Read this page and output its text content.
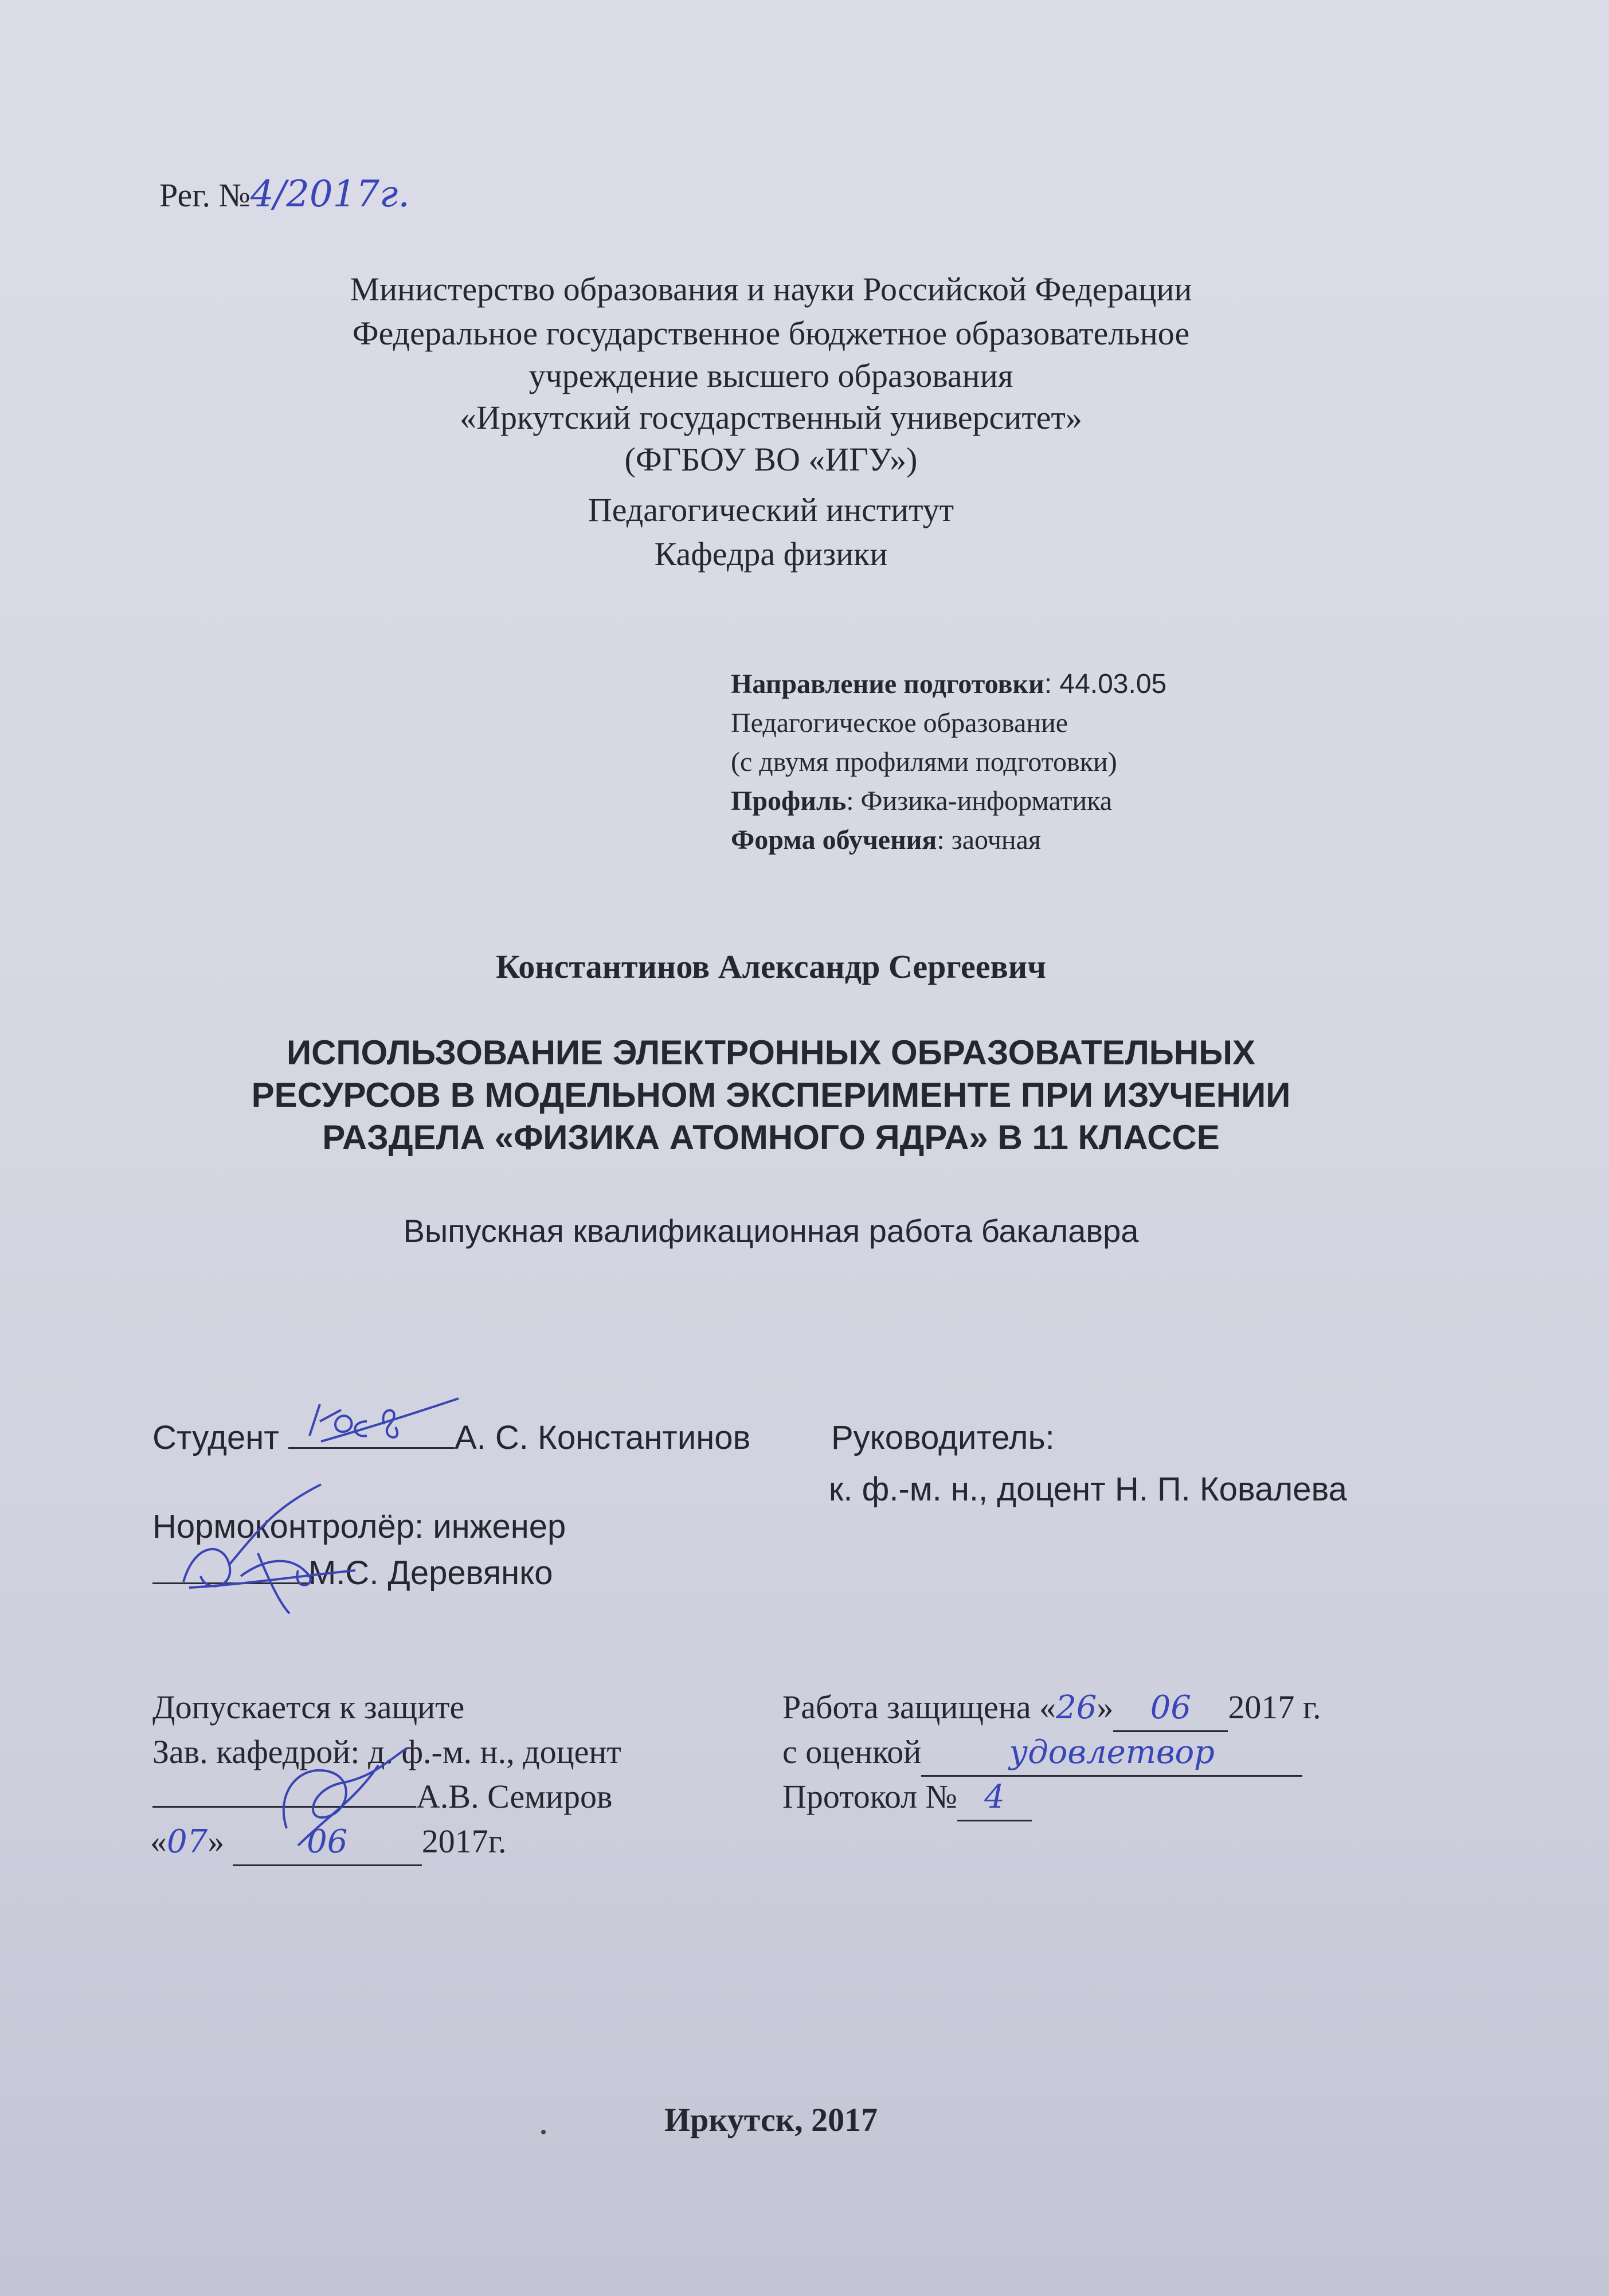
Рег. №4/2017г.
Министерство образования и науки Российской Федерации
Федеральное государственное бюджетное образовательное
учреждение высшего образования
«Иркутский государственный университет»
(ФГБОУ ВО «ИГУ»)
Педагогический институт
Кафедра физики
Направление подготовки: 44.03.05
Педагогическое образование
(с двумя профилями подготовки)
Профиль: Физика-информатика
Форма обучения: заочная
Константинов Александр Сергеевич
ИСПОЛЬЗОВАНИЕ ЭЛЕКТРОННЫХ ОБРАЗОВАТЕЛЬНЫХ
РЕСУРСОВ В МОДЕЛЬНОМ ЭКСПЕРИМЕНТЕ ПРИ ИЗУЧЕНИИ
РАЗДЕЛА «ФИЗИКА АТОМНОГО ЯДРА» В 11 КЛАССЕ
Выпускная квалификационная работа бакалавра
Студент	А. С. Константинов Руководитель:
к. ф.-м. н., доцент Н. П. Ковалева
Нормоконтролёр: инженер
М.С. Деревянко
Допускается к защите
Зав. кафедрой: д. ф.-м. н., доцент
А.В. Семиров
«07»	06 2017г.
Работа защищена «26» 06 2017 г.
с оценкой	удовлетвор
Протокол № 4
Иркутск, 2017
